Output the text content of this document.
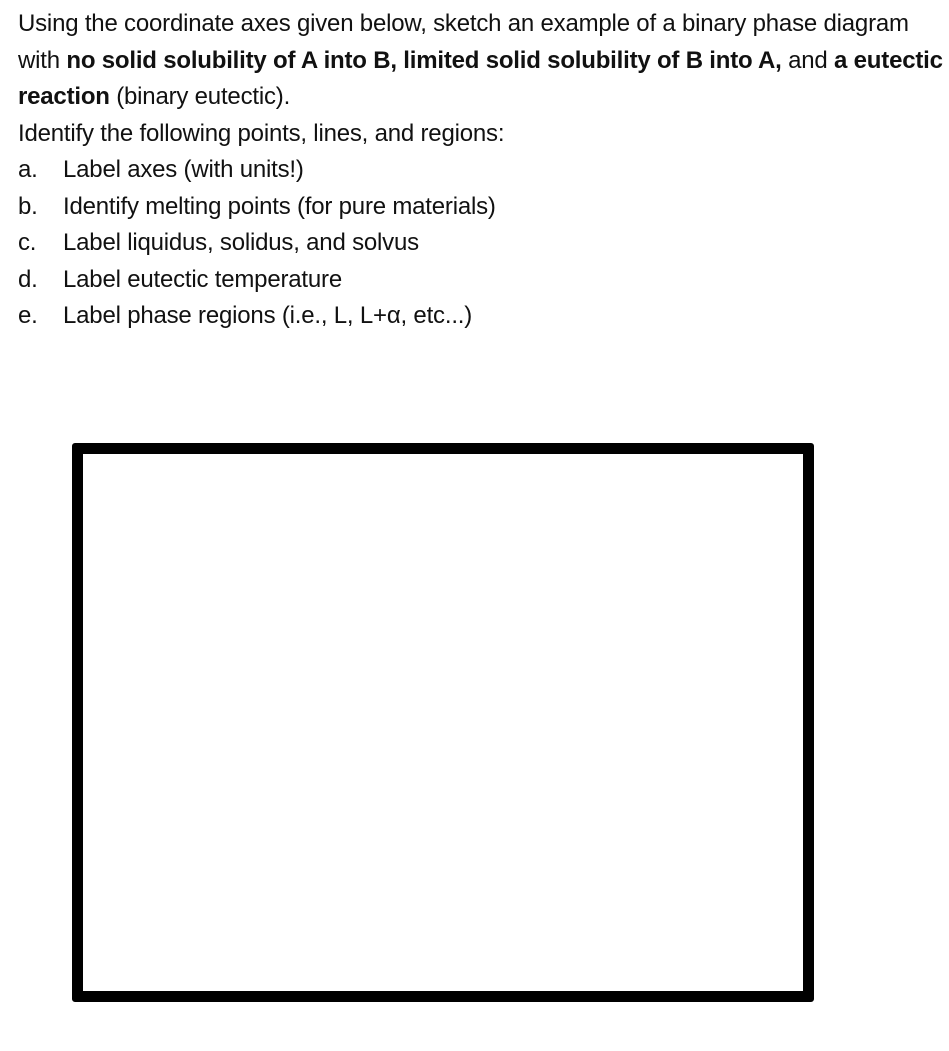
Using the coordinate axes given below, sketch an example of a binary phase diagram with no solid solubility of A into B, limited solid solubility of B into A, and a eutectic reaction (binary eutectic).

Identify the following points, lines, and regions:

a. Label axes (with units!)
b. Identify melting points (for pure materials)
c. Label liquidus, solidus, and solvus
d. Label eutectic temperature
e. Label phase regions (i.e., L, L+α, etc...)
